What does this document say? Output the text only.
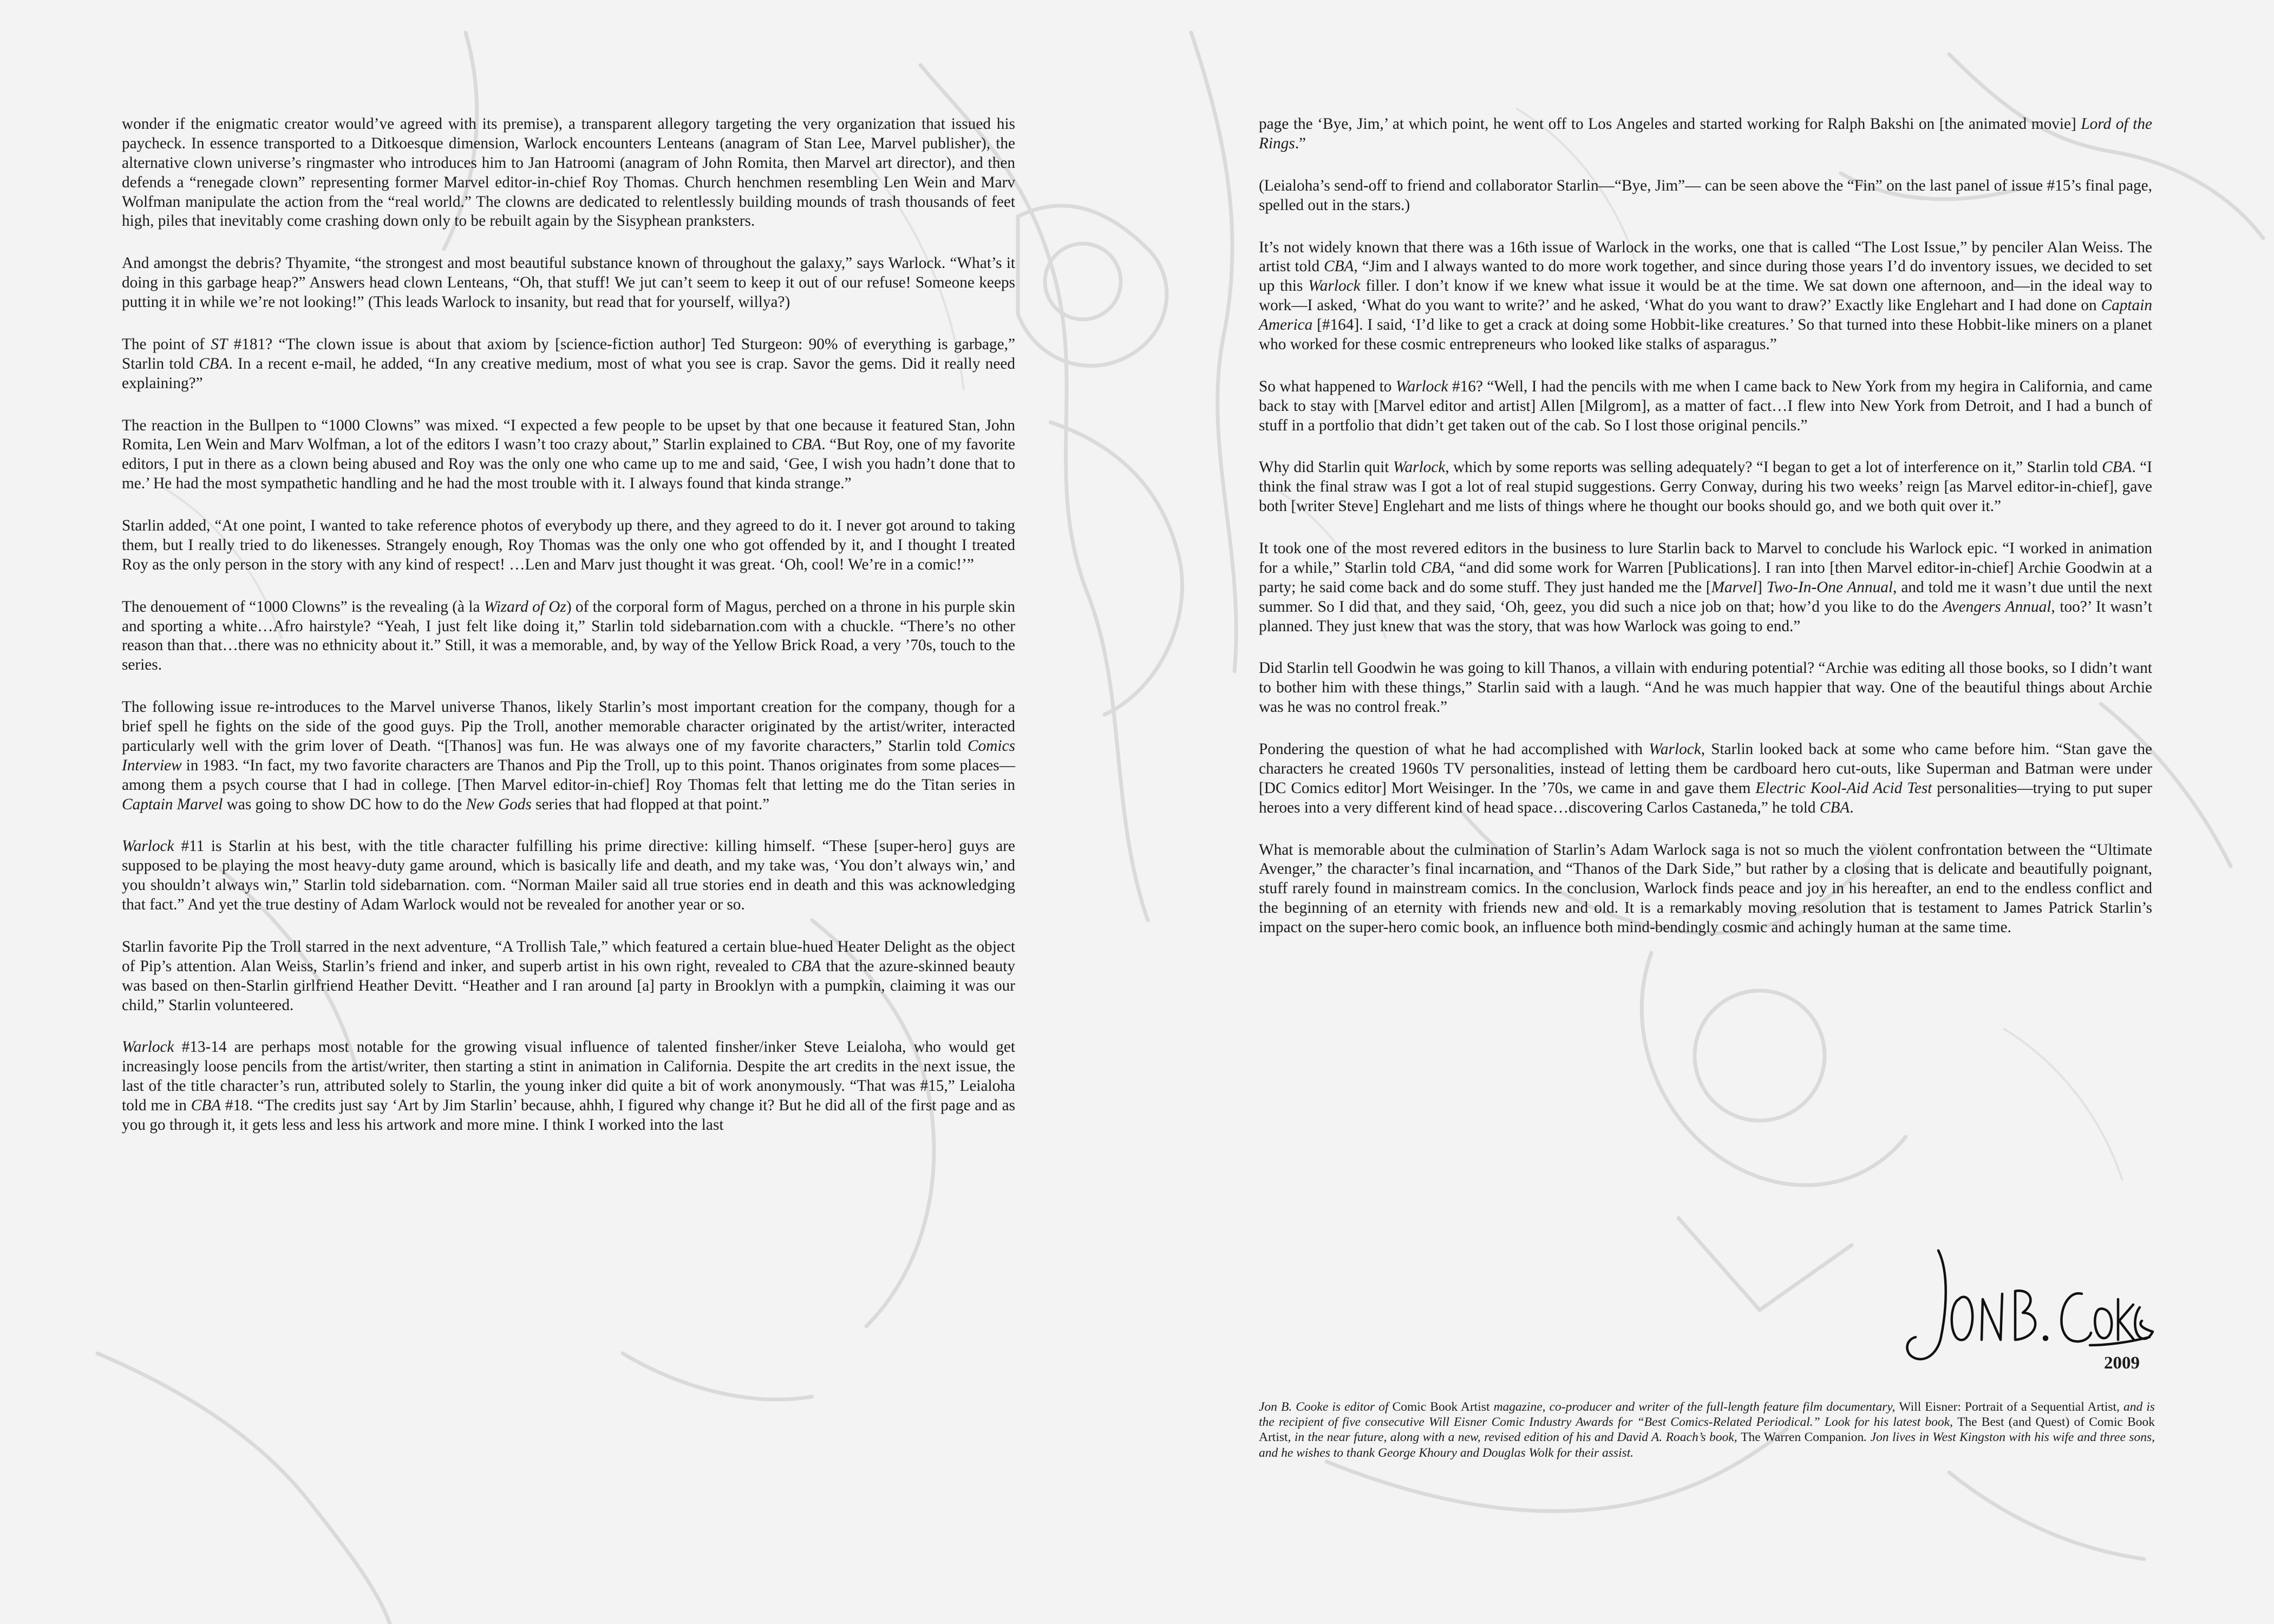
wonder if the enigmatic creator would’ve agreed with its premise), a transparent allegory targeting the very organization that issued his paycheck. In essence transported to a Ditkoesque dimension, Warlock encounters Lenteans (anagram of Stan Lee, Marvel publisher), the alternative clown universe’s ringmaster who introduces him to Jan Hatroomi (anagram of John Romita, then Marvel art director), and then defends a “renegade clown” representing former Marvel editor-in-chief Roy Thomas. Church henchmen resembling Len Wein and Marv Wolfman manipulate the action from the “real world.” The clowns are dedicated to relentlessly building mounds of trash thousands of feet high, piles that inevitably come crashing down only to be rebuilt again by the Sisyphean pranksters.

And amongst the debris? Thyamite, “the strongest and most beautiful substance known of throughout the galaxy,” says Warlock. “What’s it doing in this garbage heap?” Answers head clown Lenteans, “Oh, that stuff! We jut can’t seem to keep it out of our refuse! Someone keeps putting it in while we’re not looking!” (This leads Warlock to insanity, but read that for yourself, willya?)

The point of ST #181? “The clown issue is about that axiom by [science-fiction author] Ted Sturgeon: 90% of everything is garbage,” Starlin told CBA. In a recent e-mail, he added, “In any creative medium, most of what you see is crap. Savor the gems. Did it really need explaining?”

The reaction in the Bullpen to “1000 Clowns” was mixed. “I expected a few people to be upset by that one because it featured Stan, John Romita, Len Wein and Marv Wolfman, a lot of the editors I wasn’t too crazy about,” Starlin explained to CBA. “But Roy, one of my favorite editors, I put in there as a clown being abused and Roy was the only one who came up to me and said, ‘Gee, I wish you hadn’t done that to me.’ He had the most sympathetic handling and he had the most trouble with it. I always found that kinda strange.”

Starlin added, “At one point, I wanted to take reference photos of everybody up there, and they agreed to do it. I never got around to taking them, but I really tried to do likenesses. Strangely enough, Roy Thomas was the only one who got offended by it, and I thought I treated Roy as the only person in the story with any kind of respect! …Len and Marv just thought it was great. ‘Oh, cool! We’re in a comic!’”

The denouement of “1000 Clowns” is the revealing (à la Wizard of Oz) of the corporal form of Magus, perched on a throne in his purple skin and sporting a white…Afro hairstyle? “Yeah, I just felt like doing it,” Starlin told sidebarnation.com with a chuckle. “There’s no other reason than that…there was no ethnicity about it.” Still, it was a memorable, and, by way of the Yellow Brick Road, a very ’70s, touch to the series.

The following issue re-introduces to the Marvel universe Thanos, likely Starlin’s most important creation for the company, though for a brief spell he fights on the side of the good guys. Pip the Troll, another memorable character originated by the artist/writer, interacted particularly well with the grim lover of Death. “[Thanos] was fun. He was always one of my favorite characters,” Starlin told Comics Interview in 1983. “In fact, my two favorite characters are Thanos and Pip the Troll, up to this point. Thanos originates from some places—among them a psych course that I had in college. [Then Marvel editor-in-chief] Roy Thomas felt that letting me do the Titan series in Captain Marvel was going to show DC how to do the New Gods series that had flopped at that point.”

Warlock #11 is Starlin at his best, with the title character fulfilling his prime directive: killing himself. “These [super-hero] guys are supposed to be playing the most heavy-duty game around, which is basically life and death, and my take was, ‘You don’t always win,’ and you shouldn’t always win,” Starlin told sidebarnation. com. “Norman Mailer said all true stories end in death and this was acknowledging that fact.” And yet the true destiny of Adam Warlock would not be revealed for another year or so.

Starlin favorite Pip the Troll starred in the next adventure, “A Trollish Tale,” which featured a certain blue-hued Heater Delight as the object of Pip’s attention. Alan Weiss, Starlin’s friend and inker, and superb artist in his own right, revealed to CBA that the azure-skinned beauty was based on then-Starlin girlfriend Heather Devitt. “Heather and I ran around [a] party in Brooklyn with a pumpkin, claiming it was our child,” Starlin volunteered.

Warlock #13-14 are perhaps most notable for the growing visual influence of talented finsher/inker Steve Leialoha, who would get increasingly loose pencils from the artist/writer, then starting a stint in animation in California. Despite the art credits in the next issue, the last of the title character’s run, attributed solely to Starlin, the young inker did quite a bit of work anonymously. “That was #15,” Leialoha told me in CBA #18. “The credits just say ‘Art by Jim Starlin’ because, ahhh, I figured why change it? But he did all of the first page and as you go through it, it gets less and less his artwork and more mine. I think I worked into the last

page the ‘Bye, Jim,’ at which point, he went off to Los Angeles and started working for Ralph Bakshi on [the animated movie] Lord of the Rings.”

(Leialoha’s send-off to friend and collaborator Starlin—“Bye, Jim”— can be seen above the “Fin” on the last panel of issue #15’s final page, spelled out in the stars.)

It’s not widely known that there was a 16th issue of Warlock in the works, one that is called “The Lost Issue,” by penciler Alan Weiss. The artist told CBA, “Jim and I always wanted to do more work together, and since during those years I’d do inventory issues, we decided to set up this Warlock filler. I don’t know if we knew what issue it would be at the time. We sat down one afternoon, and—in the ideal way to work—I asked, ‘What do you want to write?’ and he asked, ‘What do you want to draw?’ Exactly like Englehart and I had done on Captain America [#164]. I said, ‘I’d like to get a crack at doing some Hobbit-like creatures.’ So that turned into these Hobbit-like miners on a planet who worked for these cosmic entrepreneurs who looked like stalks of asparagus.”

So what happened to Warlock #16? “Well, I had the pencils with me when I came back to New York from my hegira in California, and came back to stay with [Marvel editor and artist] Allen [Milgrom], as a matter of fact…I flew into New York from Detroit, and I had a bunch of stuff in a portfolio that didn’t get taken out of the cab. So I lost those original pencils.”

Why did Starlin quit Warlock, which by some reports was selling adequately? “I began to get a lot of interference on it,” Starlin told CBA. “I think the final straw was I got a lot of real stupid suggestions. Gerry Conway, during his two weeks’ reign [as Marvel editor-in-chief], gave both [writer Steve] Englehart and me lists of things where he thought our books should go, and we both quit over it.”

It took one of the most revered editors in the business to lure Starlin back to Marvel to conclude his Warlock epic. “I worked in animation for a while,” Starlin told CBA, “and did some work for Warren [Publications]. I ran into [then Marvel editor-in-chief] Archie Goodwin at a party; he said come back and do some stuff. They just handed me the [Marvel] Two-In-One Annual, and told me it wasn’t due until the next summer. So I did that, and they said, ‘Oh, geez, you did such a nice job on that; how’d you like to do the Avengers Annual, too?’ It wasn’t planned. They just knew that was the story, that was how Warlock was going to end.”

Did Starlin tell Goodwin he was going to kill Thanos, a villain with enduring potential? “Archie was editing all those books, so I didn’t want to bother him with these things,” Starlin said with a laugh. “And he was much happier that way. One of the beautiful things about Archie was he was no control freak.”

Pondering the question of what he had accomplished with Warlock, Starlin looked back at some who came before him. “Stan gave the characters he created 1960s TV personalities, instead of letting them be cardboard hero cut-outs, like Superman and Batman were under [DC Comics editor] Mort Weisinger. In the ’70s, we came in and gave them Electric Kool-Aid Acid Test personalities—trying to put super heroes into a very different kind of head space…discovering Carlos Castaneda,” he told CBA.

What is memorable about the culmination of Starlin’s Adam Warlock saga is not so much the violent confrontation between the “Ultimate Avenger,” the character’s final incarnation, and “Thanos of the Dark Side,” but rather by a closing that is delicate and beautifully poignant, stuff rarely found in mainstream comics. In the conclusion, Warlock finds peace and joy in his hereafter, an end to the endless conflict and the beginning of an eternity with friends new and old. It is a remarkably moving resolution that is testament to James Patrick Starlin’s impact on the super-hero comic book, an influence both mind-bendingly cosmic and achingly human at the same time.

2009
Jon B. Cooke is editor of Comic Book Artist magazine, co-producer and writer of the full-length feature film documentary, Will Eisner: Portrait of a Sequential Artist, and is the recipient of five consecutive Will Eisner Comic Industry Awards for “Best Comics-Related Periodical.” Look for his latest book, The Best (and Quest) of Comic Book Artist, in the near future, along with a new, revised edition of his and David A. Roach’s book, The Warren Companion. Jon lives in West Kingston with his wife and three sons, and he wishes to thank George Khoury and Douglas Wolk for their assist.
